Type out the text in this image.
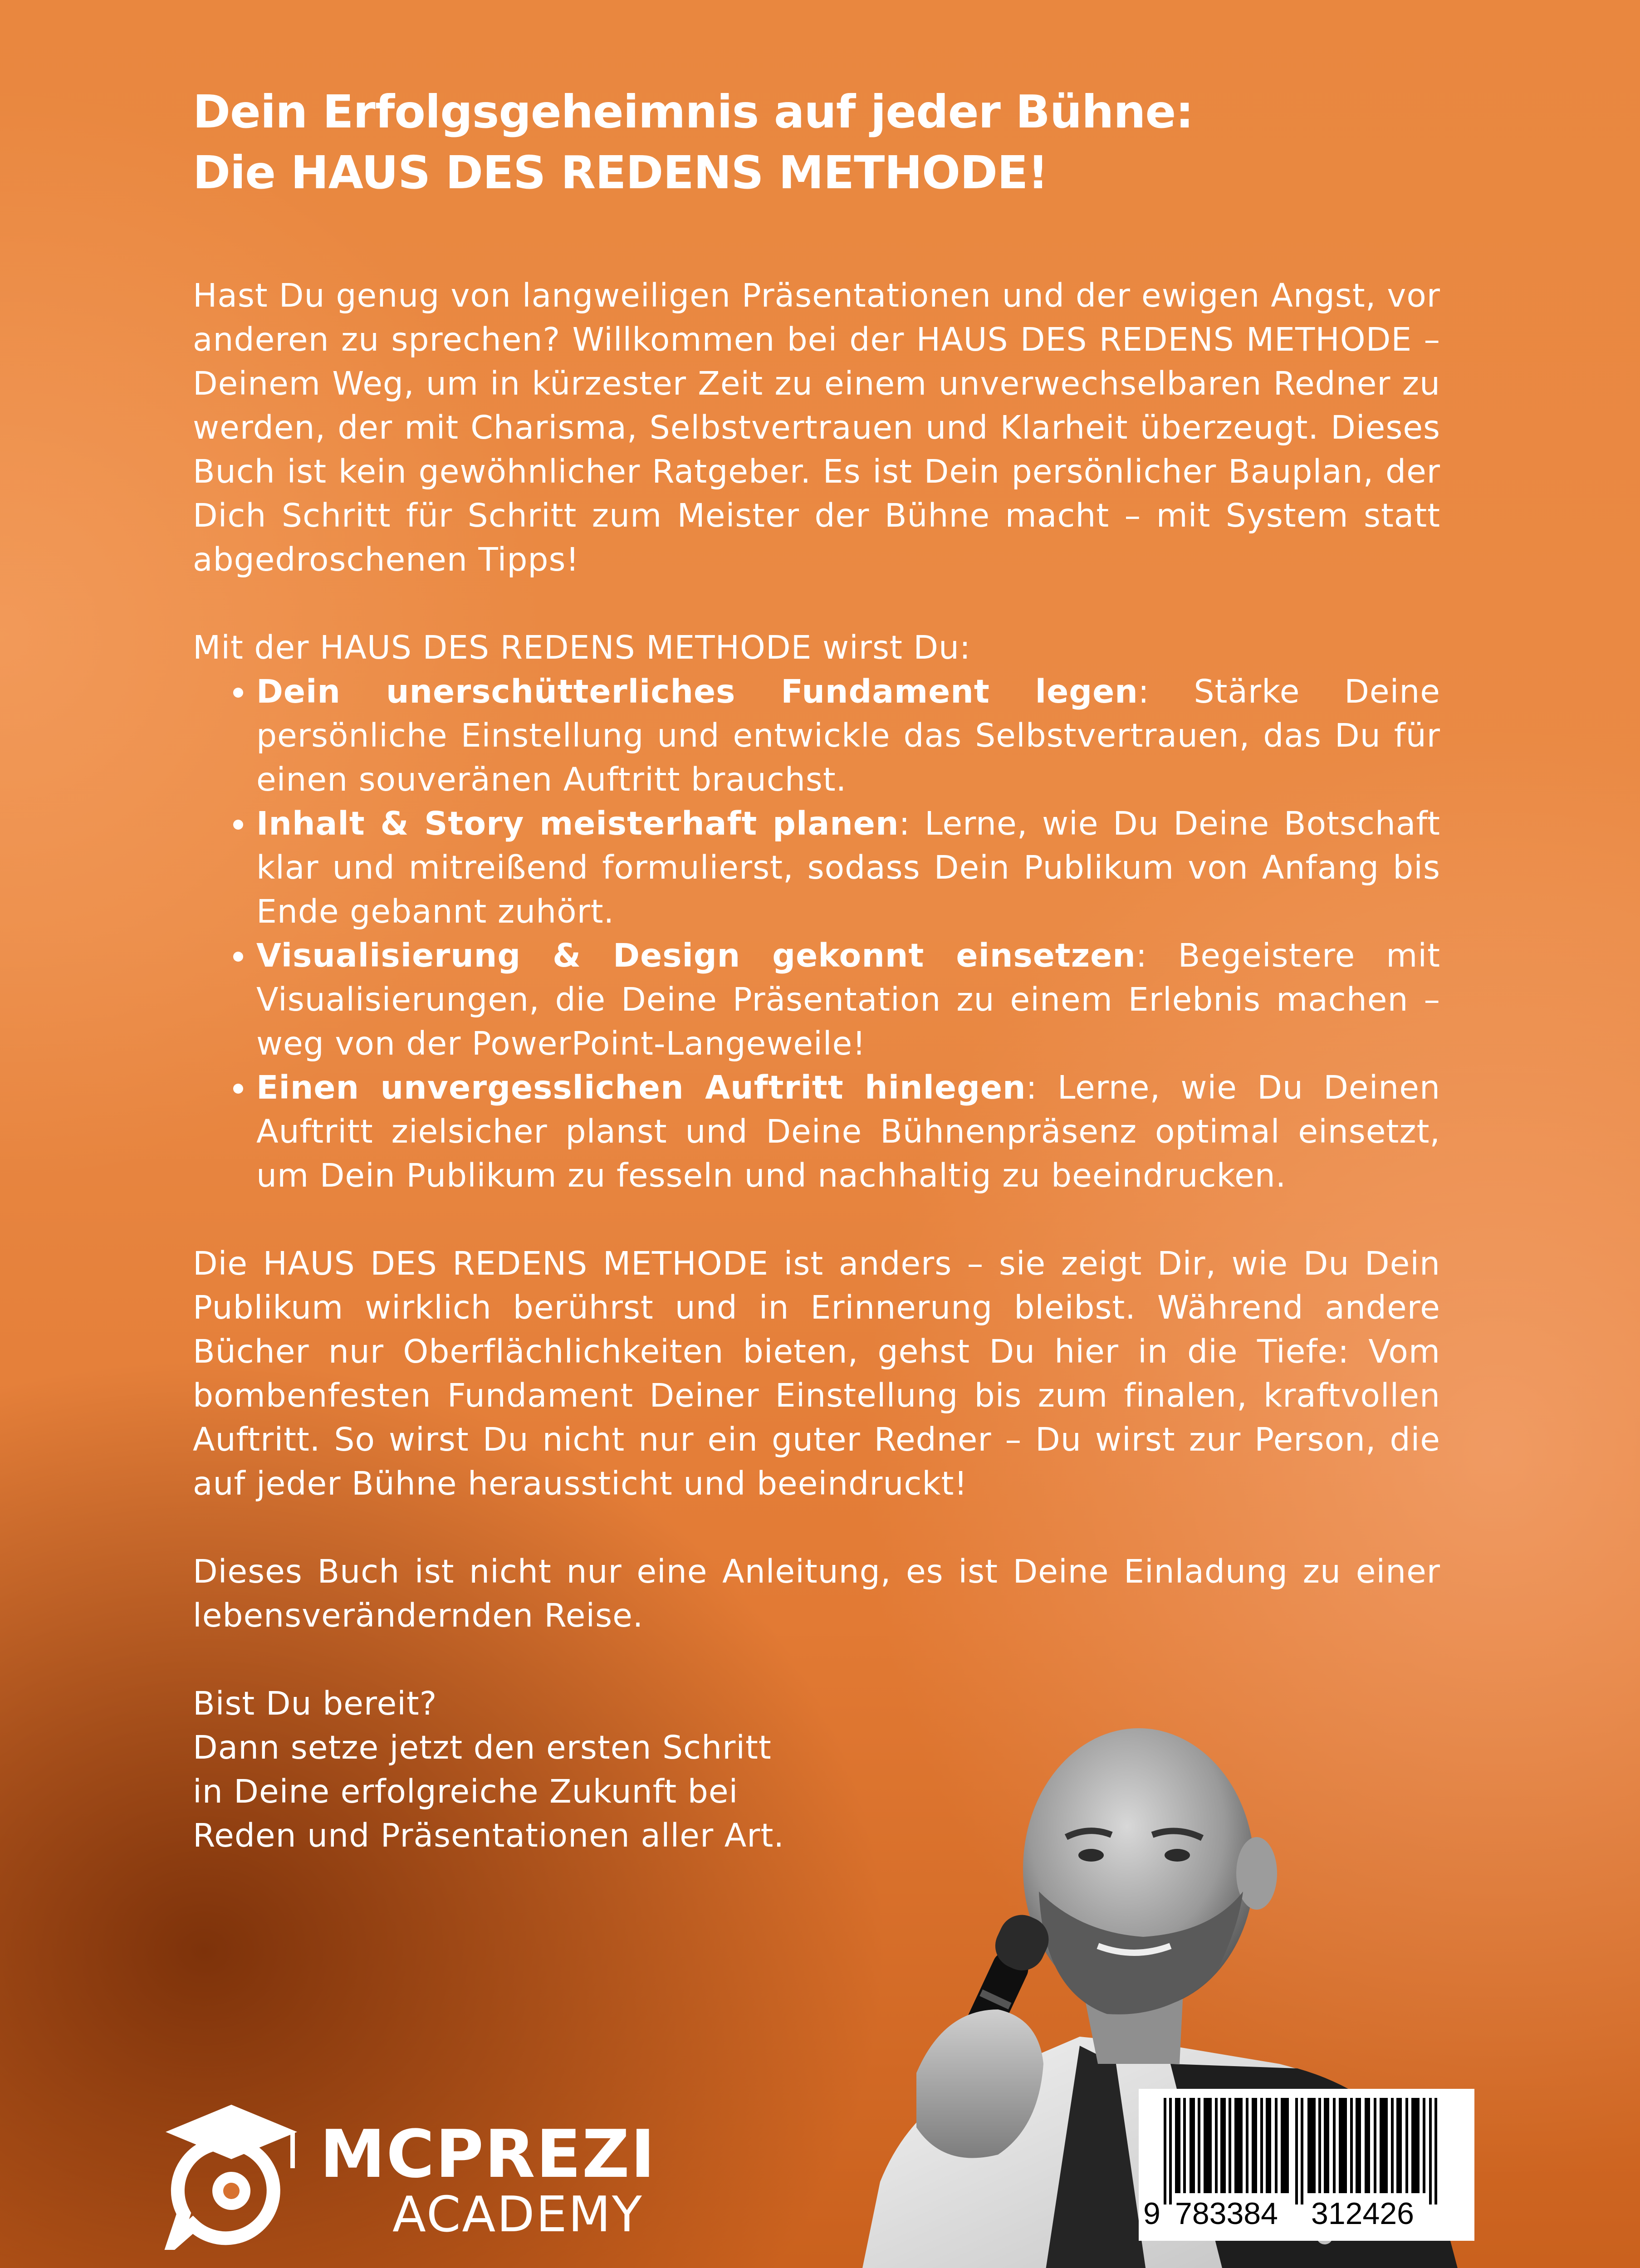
Dein Erfolgsgeheimnis auf jeder Bühne:
Die HAUS DES REDENS METHODE!

Hast Du genug von langweiligen Präsentationen und der ewigen Angst, vor anderen zu sprechen? Willkommen bei der HAUS DES REDENS METHODE – Deinem Weg, um in kürzester Zeit zu einem unverwechselbaren Redner zu werden, der mit Charisma, Selbstvertrauen und Klarheit überzeugt. Dieses Buch ist kein gewöhnlicher Ratgeber. Es ist Dein persönlicher Bauplan, der Dich Schritt für Schritt zum Meister der Bühne macht – mit System statt abgedroschenen Tipps!

Mit der HAUS DES REDENS METHODE wirst Du:

• Dein unerschütterliches Fundament legen: Stärke Deine persönliche Einstellung und entwickle das Selbstvertrauen, das Du für einen souveränen Auftritt brauchst.
• Inhalt & Story meisterhaft planen: Lerne, wie Du Deine Botschaft klar und mitreißend formulierst, sodass Dein Publikum von Anfang bis Ende gebannt zuhört.
• Visualisierung & Design gekonnt einsetzen: Begeistere mit Visualisierungen, die Deine Präsentation zu einem Erlebnis machen – weg von der PowerPoint-Langeweile!
• Einen unvergesslichen Auftritt hinlegen: Lerne, wie Du Deinen Auftritt zielsicher planst und Deine Bühnenpräsenz optimal einsetzt, um Dein Publikum zu fesseln und nachhaltig zu beeindrucken.

Die HAUS DES REDENS METHODE ist anders – sie zeigt Dir, wie Du Dein Publikum wirklich berührst und in Erinnerung bleibst. Während andere Bücher nur Oberflächlichkeiten bieten, gehst Du hier in die Tiefe: Vom bombenfesten Fundament Deiner Einstellung bis zum finalen, kraftvollen Auftritt. So wirst Du nicht nur ein guter Redner – Du wirst zur Person, die auf jeder Bühne heraussticht und beeindruckt!

Dieses Buch ist nicht nur eine Anleitung, es ist Deine Einladung zu einer lebensverändernden Reise.

Bist Du bereit?
Dann setze jetzt den ersten Schritt
in Deine erfolgreiche Zukunft bei
Reden und Präsentationen aller Art.
MCPREZI
ACADEMY	9 783384 312426
